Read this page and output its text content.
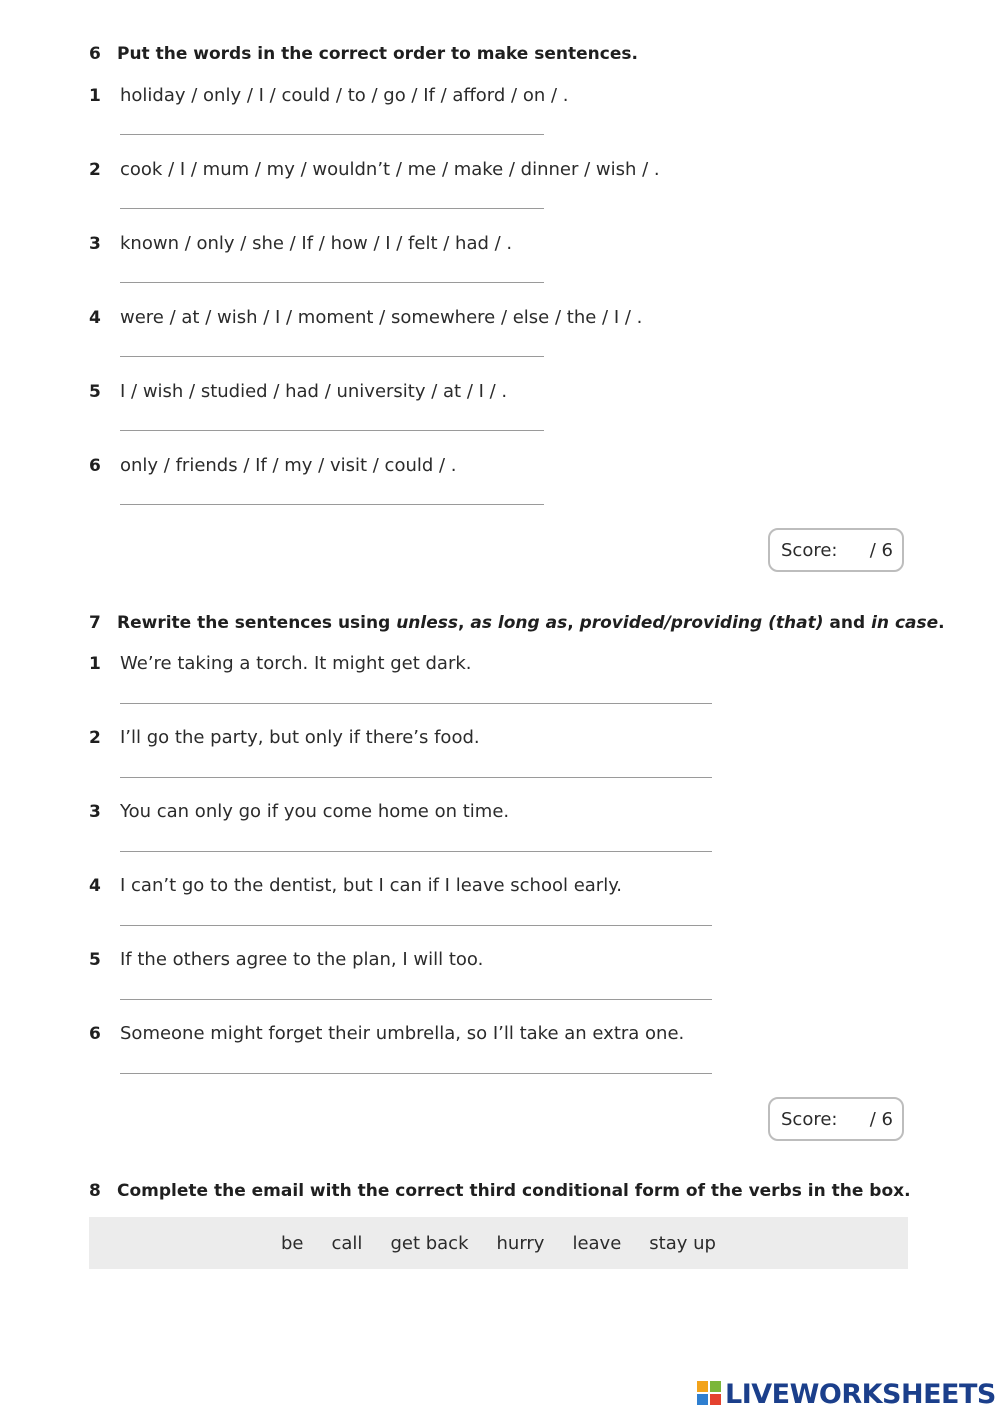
6 Put the words in the correct order to make sentences.
1 holiday / only / I / could / to / go / If / afford / on / .
2 cook / I / mum / my / wouldn’t / me / make / dinner / wish / .
3 known / only / she / If / how / I / felt / had / .
4 were / at / wish / I / moment / somewhere / else / the / I / .
5 I / wish / studied / had / university / at / I / .
6 only / friends / If / my / visit / could / .
Score: / 6
7 Rewrite the sentences using unless, as long as, provided/providing (that) and in case.
1 We’re taking a torch. It might get dark.
2 I’ll go the party, but only if there’s food.
3 You can only go if you come home on time.
4 I can’t go to the dentist, but I can if I leave school early.
5 If the others agree to the plan, I will too.
6 Someone might forget their umbrella, so I’ll take an extra one.
Score: / 6
8 Complete the email with the correct third conditional form of the verbs in the box.
be call get back hurry leave stay up
LIVEWORKSHEETS
